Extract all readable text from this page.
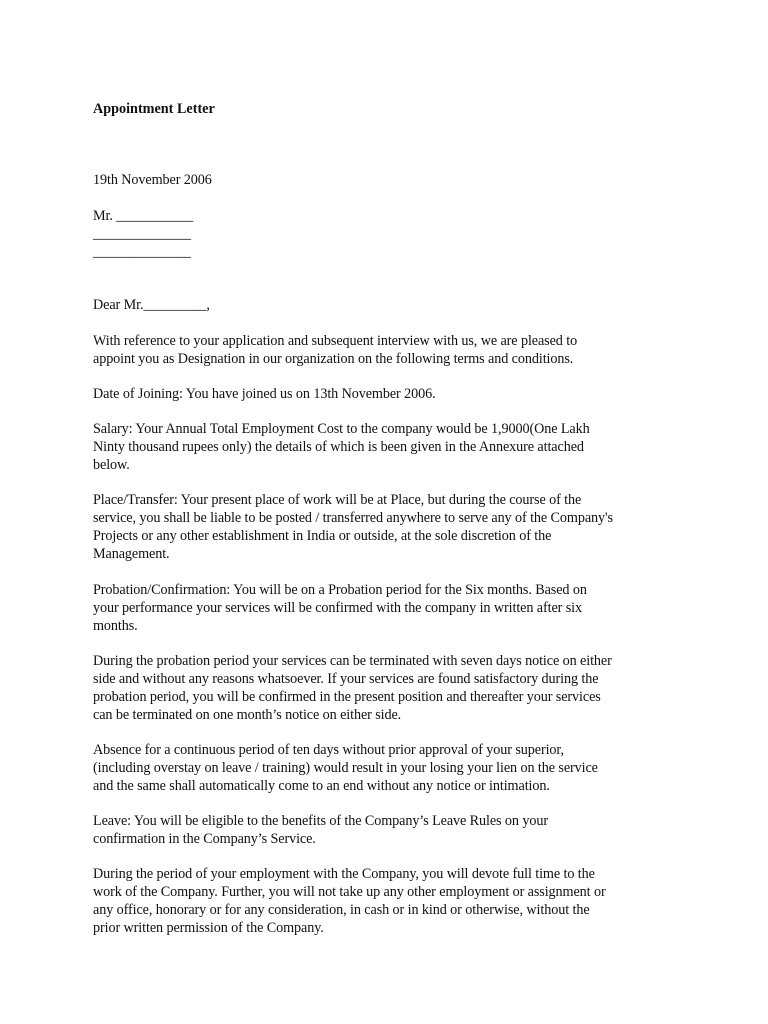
Appointment Letter
19th November 2006
Mr. ___________
______________
______________
Dear Mr._________,
With reference to your application and subsequent interview with us, we are pleased to
appoint you as Designation in our organization on the following terms and conditions.
Date of Joining: You have joined us on 13th November 2006.
Salary: Your Annual Total Employment Cost to the company would be 1,9000(One Lakh
Ninty thousand rupees only) the details of which is been given in the Annexure attached
below.
Place/Transfer: Your present place of work will be at Place, but during the course of the
service, you shall be liable to be posted / transferred anywhere to serve any of the Company's
Projects or any other establishment in India or outside, at the sole discretion of the
Management.
Probation/Confirmation: You will be on a Probation period for the Six months. Based on
your performance your services will be confirmed with the company in written after six
months.
During the probation period your services can be terminated with seven days notice on either
side and without any reasons whatsoever. If your services are found satisfactory during the
probation period, you will be confirmed in the present position and thereafter your services
can be terminated on one month’s notice on either side.
Absence for a continuous period of ten days without prior approval of your superior,
(including overstay on leave / training) would result in your losing your lien on the service
and the same shall automatically come to an end without any notice or intimation.
Leave: You will be eligible to the benefits of the Company’s Leave Rules on your
confirmation in the Company’s Service.
During the period of your employment with the Company, you will devote full time to the
work of the Company. Further, you will not take up any other employment or assignment or
any office, honorary or for any consideration, in cash or in kind or otherwise, without the
prior written permission of the Company.
